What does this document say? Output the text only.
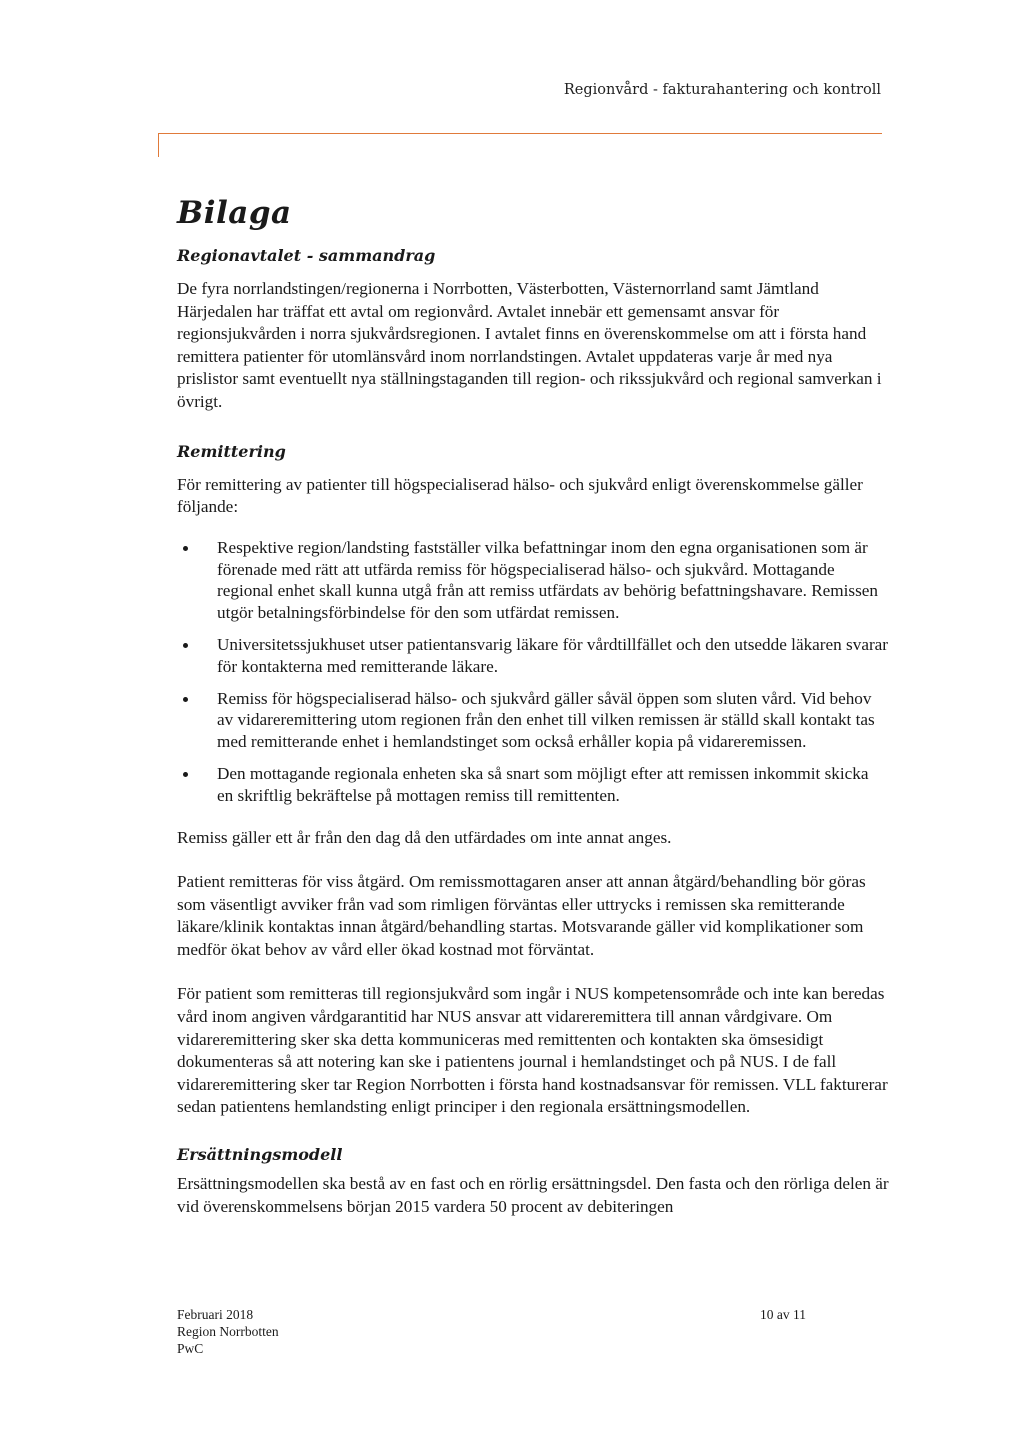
Regionvård - fakturahantering och kontroll
Bilaga
Regionavtalet - sammandrag

De fyra norrlandstingen/regionerna i Norrbotten, Västerbotten, Västernorrland samt Jämtland Härjedalen har träffat ett avtal om regionvård. Avtalet innebär ett gemensamt ansvar för regionsjukvården i norra sjukvårdsregionen. I avtalet finns en överenskommelse om att i första hand remittera patienter för utomlänsvård inom norrlandstingen. Avtalet uppdateras varje år med nya prislistor samt eventuellt nya ställningstaganden till region- och rikssjukvård och regional samverkan i övrigt.

Remittering

För remittering av patienter till högspecialiserad hälso- och sjukvård enligt överenskommelse gäller följande:

Respektive region/landsting fastställer vilka befattningar inom den egna organisationen som är förenade med rätt att utfärda remiss för högspecialiserad hälso- och sjukvård. Mottagande regional enhet skall kunna utgå från att remiss utfärdats av behörig befattningshavare. Remissen utgör betalningsförbindelse för den som utfärdat remissen.
Universitetssjukhuset utser patientansvarig läkare för vårdtillfället och den utsedde läkaren svarar för kontakterna med remitterande läkare.
Remiss för högspecialiserad hälso- och sjukvård gäller såväl öppen som sluten vård. Vid behov av vidareremittering utom regionen från den enhet till vilken remissen är ställd skall kontakt tas med remitterande enhet i hemlandstinget som också erhåller kopia på vidareremissen.
Den mottagande regionala enheten ska så snart som möjligt efter att remissen inkommit skicka en skriftlig bekräftelse på mottagen remiss till remittenten.

Remiss gäller ett år från den dag då den utfärdades om inte annat anges.

Patient remitteras för viss åtgärd. Om remissmottagaren anser att annan åtgärd/behandling bör göras som väsentligt avviker från vad som rimligen förväntas eller uttrycks i remissen ska remitterande läkare/klinik kontaktas innan åtgärd/behandling startas. Motsvarande gäller vid komplikationer som medför ökat behov av vård eller ökad kostnad mot förväntat.

För patient som remitteras till regionsjukvård som ingår i NUS kompetensområde och inte kan beredas vård inom angiven vårdgarantitid har NUS ansvar att vidareremittera till annan vårdgivare. Om vidareremittering sker ska detta kommuniceras med remittenten och kontakten ska ömsesidigt dokumenteras så att notering kan ske i patientens journal i hemlandstinget och på NUS. I de fall vidareremittering sker tar Region Norrbotten i första hand kostnadsansvar för remissen. VLL fakturerar sedan patientens hemlandsting enligt principer i den regionala ersättningsmodellen.

Ersättningsmodell

Ersättningsmodellen ska bestå av en fast och en rörlig ersättningsdel. Den fasta och den rörliga delen är vid överenskommelsens början 2015 vardera 50 procent av debiteringen

Februari 2018
Region Norrbotten
PwC
10 av 11
